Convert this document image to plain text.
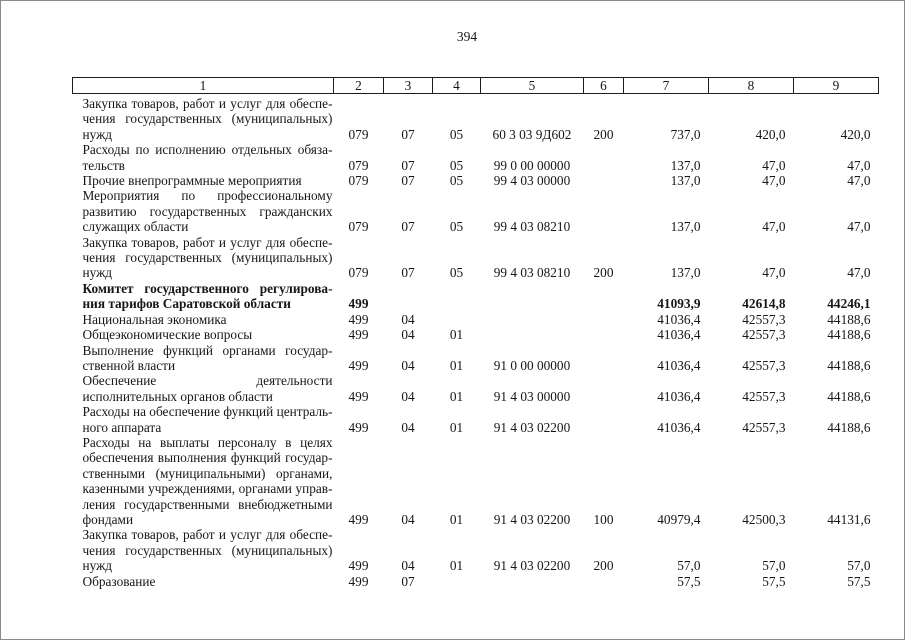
394
1	2	3	4	5	6	7	8	9
Закупка товаров, работ и услуг для обеспечения государственных (муниципальных) нужд	079	07	05	60 3 03 9Д602	200	737,0	420,0	420,0
Расходы по исполнению отдельных обязательств	079	07	05	99 0 00 00000		137,0	47,0	47,0
Прочие внепрограммные мероприятия	079	07	05	99 4 03 00000		137,0	47,0	47,0
Мероприятия по профессиональному развитию государственных гражданских служащих области	079	07	05	99 4 03 08210		137,0	47,0	47,0
Закупка товаров, работ и услуг для обеспечения государственных (муниципальных) нужд	079	07	05	99 4 03 08210	200	137,0	47,0	47,0
Комитет государственного регулирования тарифов Саратовской области	499					41093,9	42614,8	44246,1
Национальная экономика	499	04				41036,4	42557,3	44188,6
Общеэкономические вопросы	499	04	01			41036,4	42557,3	44188,6
Выполнение функций органами государственной власти	499	04	01	91 0 00 00000		41036,4	42557,3	44188,6
Обеспечение деятельности исполнительных органов области	499	04	01	91 4 03 00000		41036,4	42557,3	44188,6
Расходы на обеспечение функций центрального аппарата	499	04	01	91 4 03 02200		41036,4	42557,3	44188,6
Расходы на выплаты персоналу в целях обеспечения выполнения функций государственными (муниципальными) органами, казенными учреждениями, органами управления государственными внебюджетными фондами	499	04	01	91 4 03 02200	100	40979,4	42500,3	44131,6
Закупка товаров, работ и услуг для обеспечения государственных (муниципальных) нужд	499	04	01	91 4 03 02200	200	57,0	57,0	57,0
Образование	499	07				57,5	57,5	57,5
